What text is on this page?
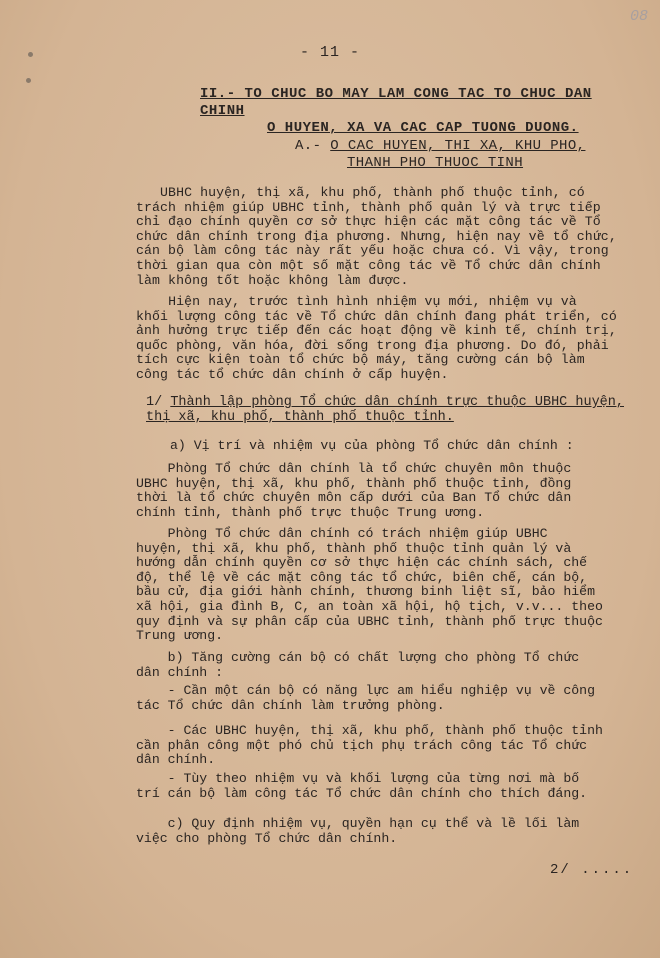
08
- 11 -
II.- TO CHUC BO MAY LAM CONG TAC TO CHUC DAN CHINH
O HUYEN, XA VA CAC CAP TUONG DUONG.
A.- O CAC HUYEN, THI XA, KHU PHO,
THANH PHO THUOC TINH
UBHC huyện, thị xã, khu phố, thành phố thuộc tỉnh, có
trách nhiệm giúp UBHC tỉnh, thành phố quản lý và trực tiếp
chỉ đạo chính quyền cơ sở thực hiện các mặt công tác về Tổ
chức dân chính trong địa phương. Nhưng, hiện nay về tổ chức,
cán bộ làm công tác này rất yếu hoặc chưa có. Vì vậy, trong
thời gian qua còn một số mặt công tác về Tổ chức dân chính
làm không tốt hoặc không làm được.
Hiện nay, trước tình hình nhiệm vụ mới, nhiệm vụ và
khối lượng công tác về Tổ chức dân chính đang phát triển, có
ảnh hưởng trực tiếp đến các hoạt động về kinh tế, chính trị,
quốc phòng, văn hóa, đời sống trong địa phương. Do đó, phải
tích cực kiện toàn tổ chức bộ máy, tăng cường cán bộ làm
công tác tổ chức dân chính ở cấp huyện.
1/ Thành lập phòng Tổ chức dân chính trực thuộc UBHC huyện,
thị xã, khu phố, thành phố thuộc tỉnh.
a) Vị trí và nhiệm vụ của phòng Tổ chức dân chính :
Phòng Tổ chức dân chính là tổ chức chuyên môn thuộc
UBHC huyện, thị xã, khu phố, thành phố thuộc tỉnh, đồng
thời là tổ chức chuyên môn cấp dưới của Ban Tổ chức dân
chính tỉnh, thành phố trực thuộc Trung ương.
Phòng Tổ chức dân chính có trách nhiệm giúp UBHC
huyện, thị xã, khu phố, thành phố thuộc tỉnh quản lý và
hướng dẫn chính quyền cơ sở thực hiện các chính sách, chế
độ, thể lệ về các mặt công tác tổ chức, biên chế, cán bộ,
bầu cử, địa giới hành chính, thương binh liệt sĩ, bảo hiểm
xã hội, gia đình B, C, an toàn xã hội, hộ tịch, v.v... theo
quy định và sự phân cấp của UBHC tỉnh, thành phố trực thuộc
Trung ương.
b) Tăng cường cán bộ có chất lượng cho phòng Tổ chức
dân chính :
- Cần một cán bộ có năng lực am hiểu nghiệp vụ về công
tác Tổ chức dân chính làm trưởng phòng.
- Các UBHC huyện, thị xã, khu phố, thành phố thuộc tỉnh
cần phân công một phó chủ tịch phụ trách công tác Tổ chức
dân chính.
- Tùy theo nhiệm vụ và khối lượng của từng nơi mà bố
trí cán bộ làm công tác Tổ chức dân chính cho thích đáng.
c) Quy định nhiệm vụ, quyền hạn cụ thể và lề lối làm
việc cho phòng Tổ chức dân chính.
2/ .....
